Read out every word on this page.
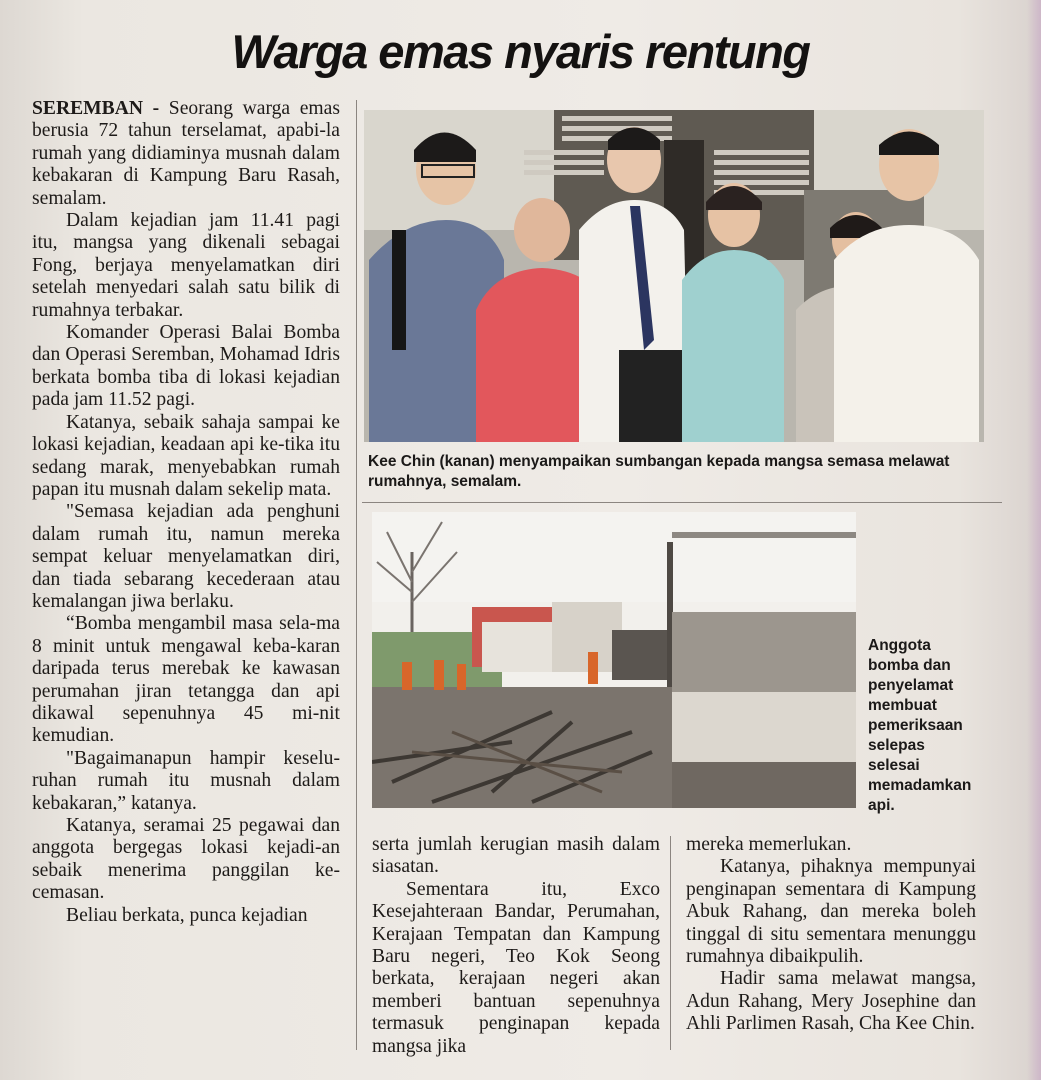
Warga emas nyaris rentung

SEREMBAN - Seorang warga emas berusia 72 tahun terselamat, apabi-la rumah yang didiaminya musnah dalam kebakaran di Kampung Baru Rasah, semalam.

Dalam kejadian jam 11.41 pagi itu, mangsa yang dikenali sebagai Fong, berjaya menyelamatkan diri setelah menyedari salah satu bilik di rumahnya terbakar.

Komander Operasi Balai Bomba dan Operasi Seremban, Mohamad Idris berkata bomba tiba di lokasi kejadian pada jam 11.52 pagi.

Katanya, sebaik sahaja sampai ke lokasi kejadian, keadaan api ke-tika itu sedang marak, menyebabkan rumah papan itu musnah dalam sekelip mata.

"Semasa kejadian ada penghuni dalam rumah itu, namun mereka sempat keluar menyelamatkan diri, dan tiada sebarang kecederaan atau kemalangan jiwa berlaku.

“Bomba mengambil masa sela-ma 8 minit untuk mengawal keba-karan daripada terus merebak ke kawasan perumahan jiran tetangga dan api dikawal sepenuhnya 45 mi-nit kemudian.

"Bagaimanapun hampir keselu-ruhan rumah itu musnah dalam kebakaran,” katanya.

Katanya, seramai 25 pegawai dan anggota bergegas lokasi kejadi-an sebaik menerima panggilan ke-cemasan.

Beliau berkata, punca kejadian

Kee Chin (kanan) menyampaikan sumbangan kepada mangsa semasa melawat rumahnya, semalam.
Anggota bomba dan penyelamat membuat pemeriksaan selepas selesai memadamkan api.

serta jumlah kerugian masih dalam siasatan.

Sementara itu, Exco Kesejahteraan Bandar, Perumahan, Kerajaan Tempatan dan Kampung Baru negeri, Teo Kok Seong berkata, kerajaan negeri akan memberi bantuan sepenuhnya termasuk penginapan kepada mangsa jika

mereka memerlukan.

Katanya, pihaknya mempunyai penginapan sementara di Kampung Abuk Rahang, dan mereka boleh tinggal di situ sementara menunggu rumahnya dibaikpulih.

Hadir sama melawat mangsa, Adun Rahang, Mery Josephine dan Ahli Parlimen Rasah, Cha Kee Chin.
